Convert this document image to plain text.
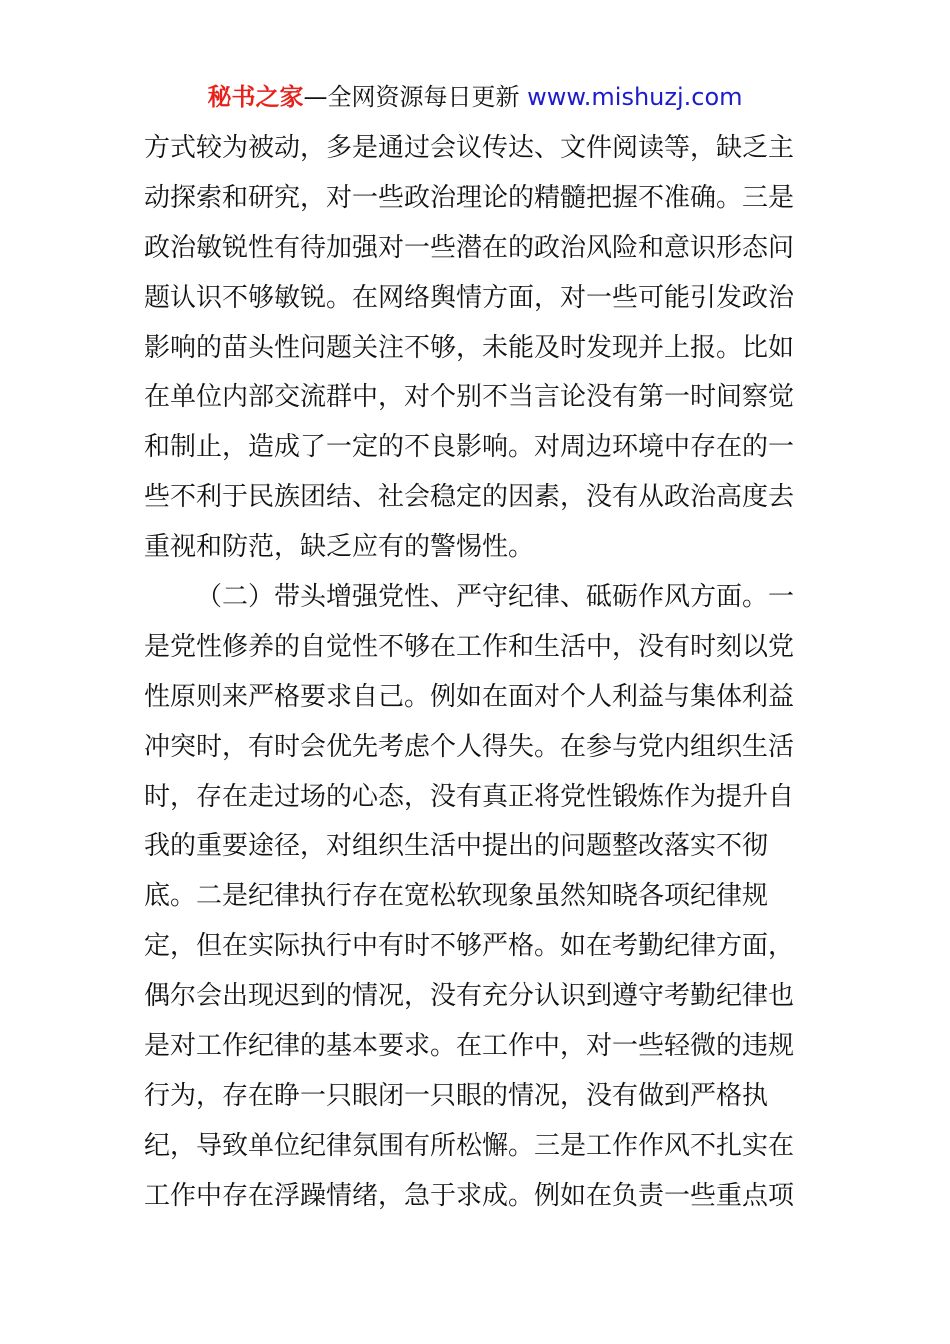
秘书之家—全网资源每日更新 www.mishuzj.com
方式较为被动，多是通过会议传达、文件阅读等，缺乏主
动探索和研究，对一些政治理论的精髓把握不准确。三是
政治敏锐性有待加强对一些潜在的政治风险和意识形态问
题认识不够敏锐。在网络舆情方面，对一些可能引发政治
影响的苗头性问题关注不够，未能及时发现并上报。比如
在单位内部交流群中，对个别不当言论没有第一时间察觉
和制止，造成了一定的不良影响。对周边环境中存在的一
些不利于民族团结、社会稳定的因素，没有从政治高度去
重视和防范，缺乏应有的警惕性。
（二）带头增强党性、严守纪律、砥砺作风方面。一
是党性修养的自觉性不够在工作和生活中，没有时刻以党
性原则来严格要求自己。例如在面对个人利益与集体利益
冲突时，有时会优先考虑个人得失。在参与党内组织生活
时，存在走过场的心态，没有真正将党性锻炼作为提升自
我的重要途径，对组织生活中提出的问题整改落实不彻
底。二是纪律执行存在宽松软现象虽然知晓各项纪律规
定，但在实际执行中有时不够严格。如在考勤纪律方面，
偶尔会出现迟到的情况，没有充分认识到遵守考勤纪律也
是对工作纪律的基本要求。在工作中，对一些轻微的违规
行为，存在睁一只眼闭一只眼的情况，没有做到严格执
纪，导致单位纪律氛围有所松懈。三是工作作风不扎实在
工作中存在浮躁情绪，急于求成。例如在负责一些重点项
